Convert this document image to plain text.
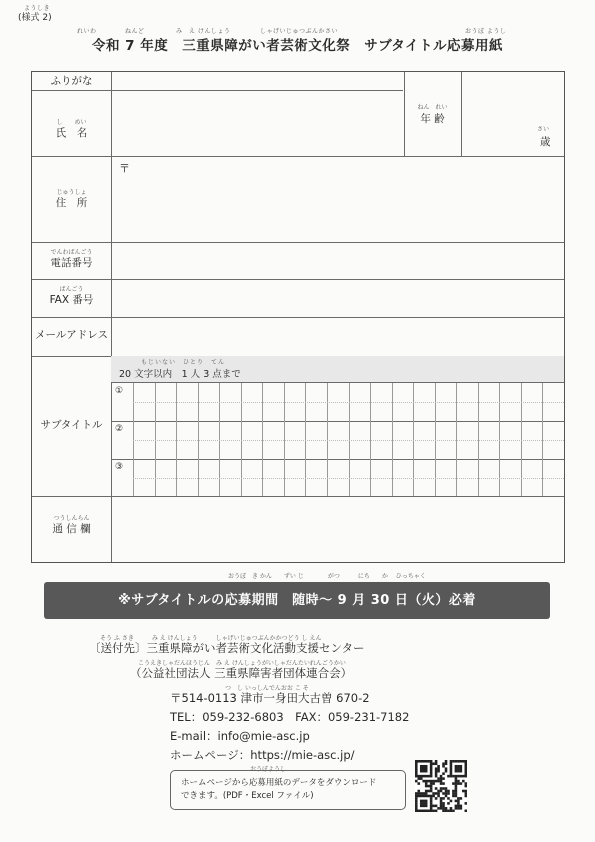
ようしき
(様式 2)
れいわ	ねんど	み　え けんしょう	しゃげいじゅつぶんかさい	おうぼ ようし
令和 7 年度　三重県障がい者芸術文化祭　サブタイトル応募用紙
ふりがな
し　　めい
氏　名
ねん　れい
年 齢
さい
歳
じゅうしょ
住　所
〒
でんわばんごう
電話番号
ばんごう
FAX 番号
メールアドレス
サブタイトル
もじいない　ひとり　てん
20 文字以内　1 人 3 点まで
①
②
③
つうしんらん
通 信 欄
おうぼ　き かん　　ずい じ　　　　がつ　　　にち　　か　 ひっちゃく
※サブタイトルの応募期間　随時～ 9 月 30 日（火）必着
そう ふ さき　　　み え けんしょう　　　しゃげいじゅつぶんかかつどう し えん
〔送付先〕三重県障がい者芸術文化活動支援センター
こうえきしゃだんほうじん　み え けんしょうがいしゃだんたいれんごうかい
（公益社団法人 三重県障害者団体連合会）
つ　し いっしんでんおお こ そ
〒514-0113 津市一身田大古曽 670-2
TEL：059-232-6803　FAX：059-231-7182
E-mail：info@mie-asc.jp
ホームページ：https://mie-asc.jp/
おうぼようし
ホームページから応募用紙のデータをダウンロード
できます。(PDF・Excel ファイル)
